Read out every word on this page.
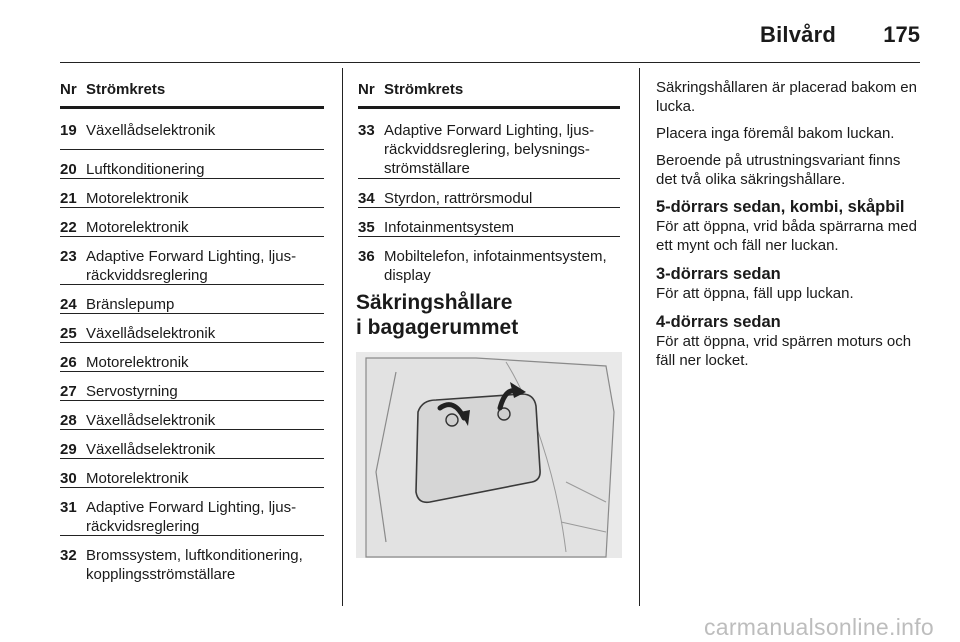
Bilvård 175
Nr Strömkrets
19 Växellådselektronik
20 Luftkonditionering
21 Motorelektronik
22 Motorelektronik
23 Adaptive Forward Lighting, ljus-räckviddsreglering
24 Bränslepump
25 Växellådselektronik
26 Motorelektronik
27 Servostyrning
28 Växellådselektronik
29 Växellådselektronik
30 Motorelektronik
31 Adaptive Forward Lighting, ljus-räckvidsreglering
32 Bromssystem, luftkonditionering, kopplingsströmställare
Nr Strömkrets
33 Adaptive Forward Lighting, ljus-räckviddsreglering, belysnings-strömställare
34 Styrdon, rattrörsmodul
35 Infotainmentsystem
36 Mobiltelefon, infotainmentsystem, display
Säkringshållare
i bagagerummet

Säkringshållaren är placerad bakom en lucka.

Placera inga föremål bakom luckan.

Beroende på utrustningsvariant finns det två olika säkringshållare.

5-dörrars sedan, kombi, skåpbil

För att öppna, vrid båda spärrarna med ett mynt och fäll ner luckan.

3-dörrars sedan

För att öppna, fäll upp luckan.

4-dörrars sedan

För att öppna, vrid spärren moturs och fäll ner locket.

carmanualsonline.info
